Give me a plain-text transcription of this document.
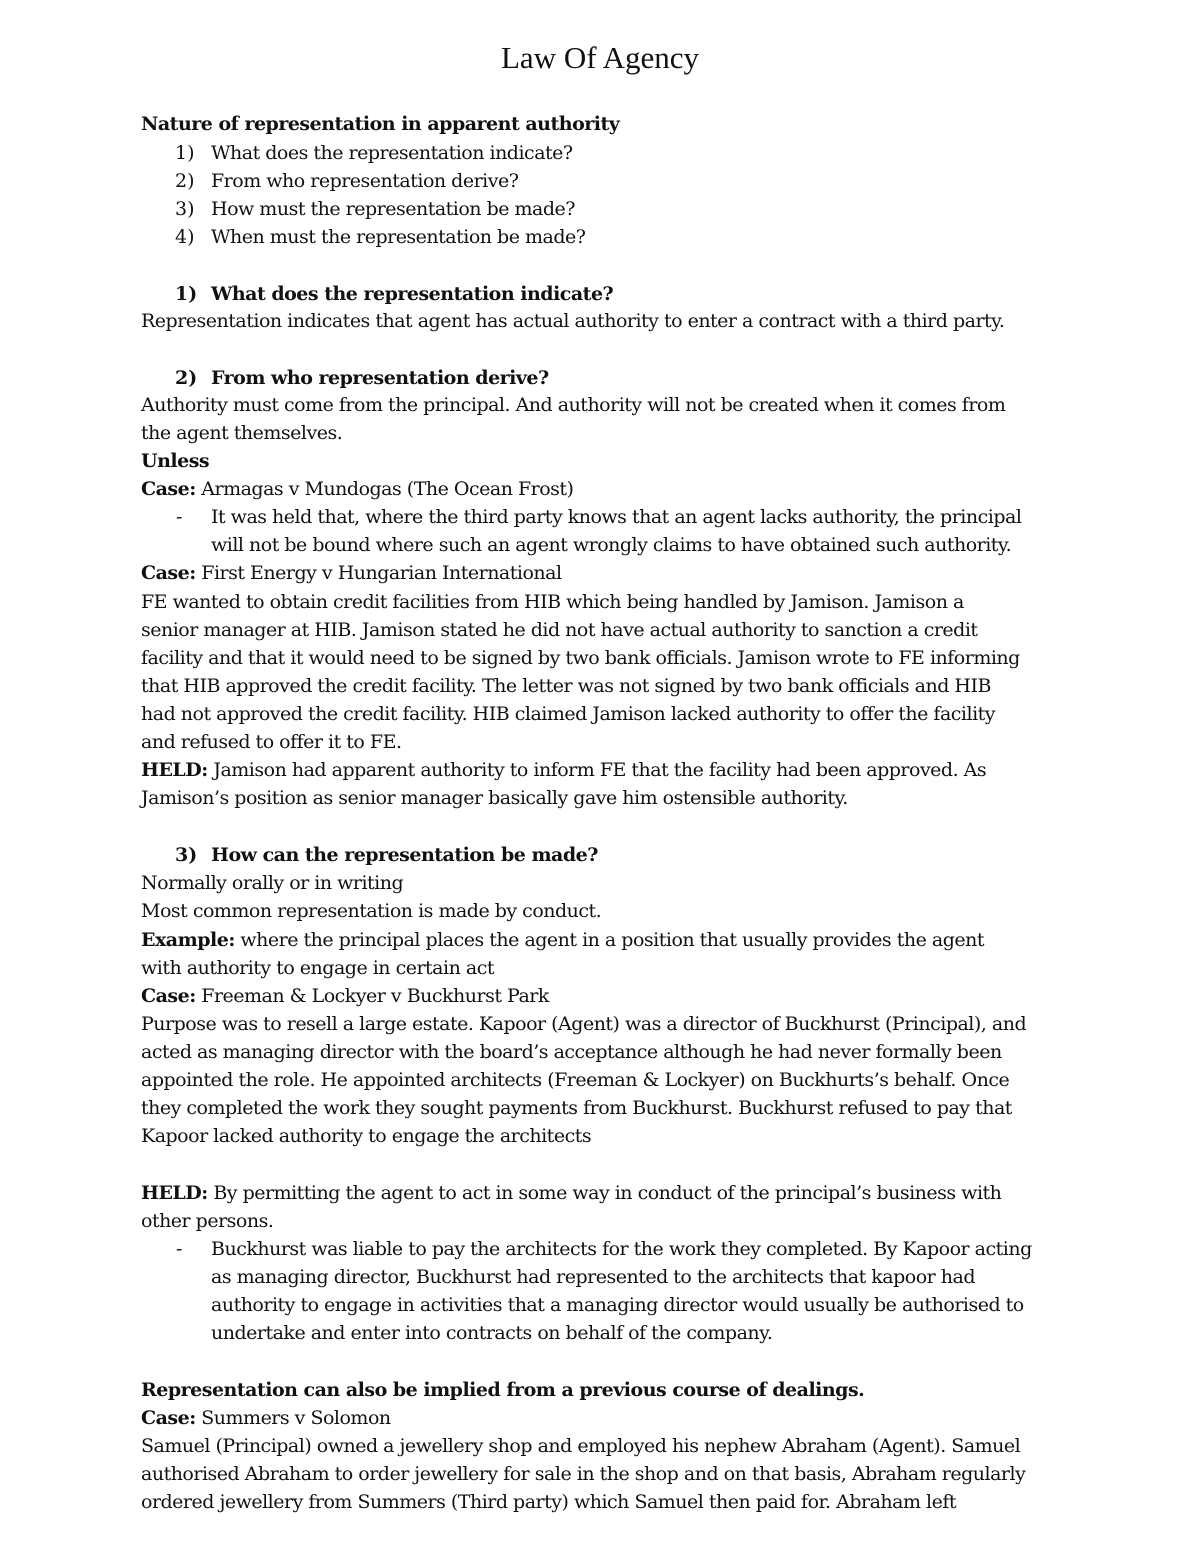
Law Of Agency
Nature of representation in apparent authority
1) What does the representation indicate?
2) From who representation derive?
3) How must the representation be made?
4) When must the representation be made?
1) What does the representation indicate?
Representation indicates that agent has actual authority to enter a contract with a third party.
2) From who representation derive?
Authority must come from the principal. And authority will not be created when it comes from
the agent themselves.
Unless
Case: Armagas v Mundogas (The Ocean Frost)
- It was held that, where the third party knows that an agent lacks authority, the principal
will not be bound where such an agent wrongly claims to have obtained such authority.
Case: First Energy v Hungarian International
FE wanted to obtain credit facilities from HIB which being handled by Jamison. Jamison a
senior manager at HIB. Jamison stated he did not have actual authority to sanction a credit
facility and that it would need to be signed by two bank officials. Jamison wrote to FE informing
that HIB approved the credit facility. The letter was not signed by two bank officials and HIB
had not approved the credit facility. HIB claimed Jamison lacked authority to offer the facility
and refused to offer it to FE.
HELD: Jamison had apparent authority to inform FE that the facility had been approved. As
Jamison’s position as senior manager basically gave him ostensible authority.
3) How can the representation be made?
Normally orally or in writing
Most common representation is made by conduct.
Example: where the principal places the agent in a position that usually provides the agent
with authority to engage in certain act
Case: Freeman & Lockyer v Buckhurst Park
Purpose was to resell a large estate. Kapoor (Agent) was a director of Buckhurst (Principal), and
acted as managing director with the board’s acceptance although he had never formally been
appointed the role. He appointed architects (Freeman & Lockyer) on Buckhurts’s behalf. Once
they completed the work they sought payments from Buckhurst. Buckhurst refused to pay that
Kapoor lacked authority to engage the architects
HELD: By permitting the agent to act in some way in conduct of the principal’s business with
other persons.
- Buckhurst was liable to pay the architects for the work they completed. By Kapoor acting
as managing director, Buckhurst had represented to the architects that kapoor had
authority to engage in activities that a managing director would usually be authorised to
undertake and enter into contracts on behalf of the company.
Representation can also be implied from a previous course of dealings.
Case: Summers v Solomon
Samuel (Principal) owned a jewellery shop and employed his nephew Abraham (Agent). Samuel
authorised Abraham to order jewellery for sale in the shop and on that basis, Abraham regularly
ordered jewellery from Summers (Third party) which Samuel then paid for. Abraham left
